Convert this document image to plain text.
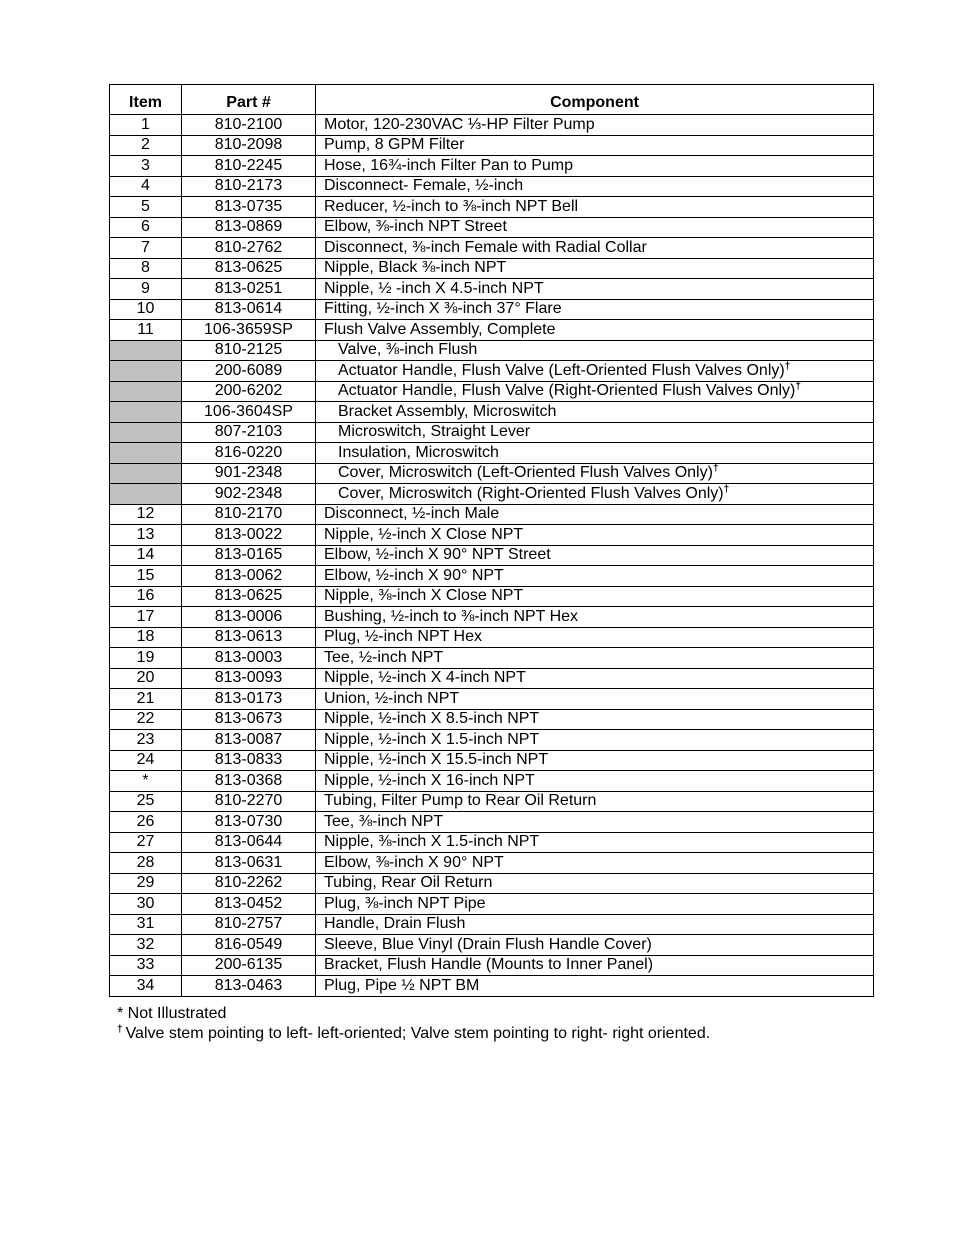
Item	Part #	Component
1	810-2100	Motor, 120-230VAC ⅓-HP Filter Pump
2	810-2098	Pump, 8 GPM Filter
3	810-2245	Hose, 16¾-inch Filter Pan to Pump
4	810-2173	Disconnect- Female, ½-inch
5	813-0735	Reducer, ½-inch to ⅜-inch NPT Bell
6	813-0869	Elbow, ⅜-inch NPT Street
7	810-2762	Disconnect, ⅜-inch Female with Radial Collar
8	813-0625	Nipple, Black ⅜-inch NPT
9	813-0251	Nipple, ½ -inch X 4.5-inch NPT
10	813-0614	Fitting, ½-inch X ⅜-inch 37° Flare
11	106-3659SP	Flush Valve Assembly, Complete
	810-2125	Valve, ⅜-inch Flush
	200-6089	Actuator Handle, Flush Valve (Left-Oriented Flush Valves Only)†
	200-6202	Actuator Handle, Flush Valve (Right-Oriented Flush Valves Only)†
	106-3604SP	Bracket Assembly, Microswitch
	807-2103	Microswitch, Straight Lever
	816-0220	Insulation, Microswitch
	901-2348	Cover, Microswitch (Left-Oriented Flush Valves Only)†
	902-2348	Cover, Microswitch (Right-Oriented Flush Valves Only)†
12	810-2170	Disconnect, ½-inch Male
13	813-0022	Nipple, ½-inch X Close NPT
14	813-0165	Elbow, ½-inch X 90° NPT Street
15	813-0062	Elbow, ½-inch X 90° NPT
16	813-0625	Nipple, ⅜-inch X Close NPT
17	813-0006	Bushing, ½-inch to ⅜-inch NPT Hex
18	813-0613	Plug, ½-inch NPT Hex
19	813-0003	Tee, ½-inch NPT
20	813-0093	Nipple, ½-inch X 4-inch NPT
21	813-0173	Union, ½-inch NPT
22	813-0673	Nipple, ½-inch X 8.5-inch NPT
23	813-0087	Nipple, ½-inch X 1.5-inch NPT
24	813-0833	Nipple, ½-inch X 15.5-inch NPT
*	813-0368	Nipple, ½-inch X 16-inch NPT
25	810-2270	Tubing, Filter Pump to Rear Oil Return
26	813-0730	Tee, ⅜-inch NPT
27	813-0644	Nipple, ⅜-inch X 1.5-inch NPT
28	813-0631	Elbow, ⅜-inch X 90° NPT
29	810-2262	Tubing, Rear Oil Return
30	813-0452	Plug, ⅜-inch NPT Pipe
31	810-2757	Handle, Drain Flush
32	816-0549	Sleeve, Blue Vinyl (Drain Flush Handle Cover)
33	200-6135	Bracket, Flush Handle (Mounts to Inner Panel)
34	813-0463	Plug, Pipe ½ NPT BM
* Not Illustrated
† Valve stem pointing to left- left-oriented; Valve stem pointing to right- right oriented.
